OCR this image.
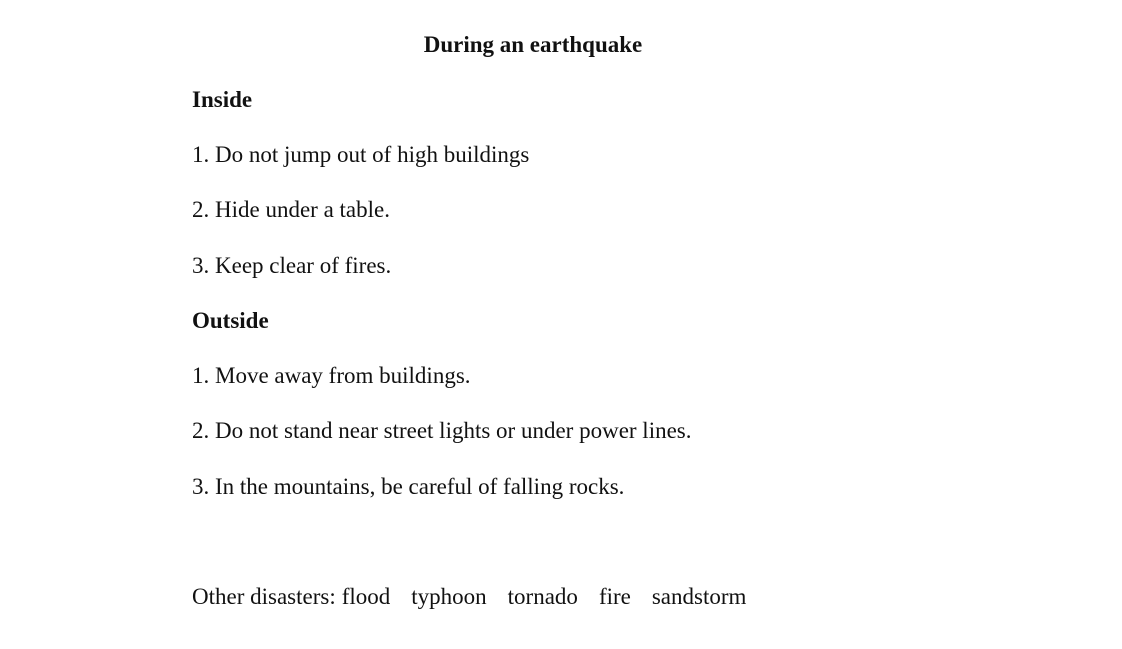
During an earthquake
Inside
1. Do not jump out of high buildings
2. Hide under a table.
3. Keep clear of fires.
Outside
1. Move away from buildings.
2. Do not stand near street lights or under power lines.
3. In the mountains, be careful of falling rocks.
Other disasters: flood typhoon tornado fire sandstorm
